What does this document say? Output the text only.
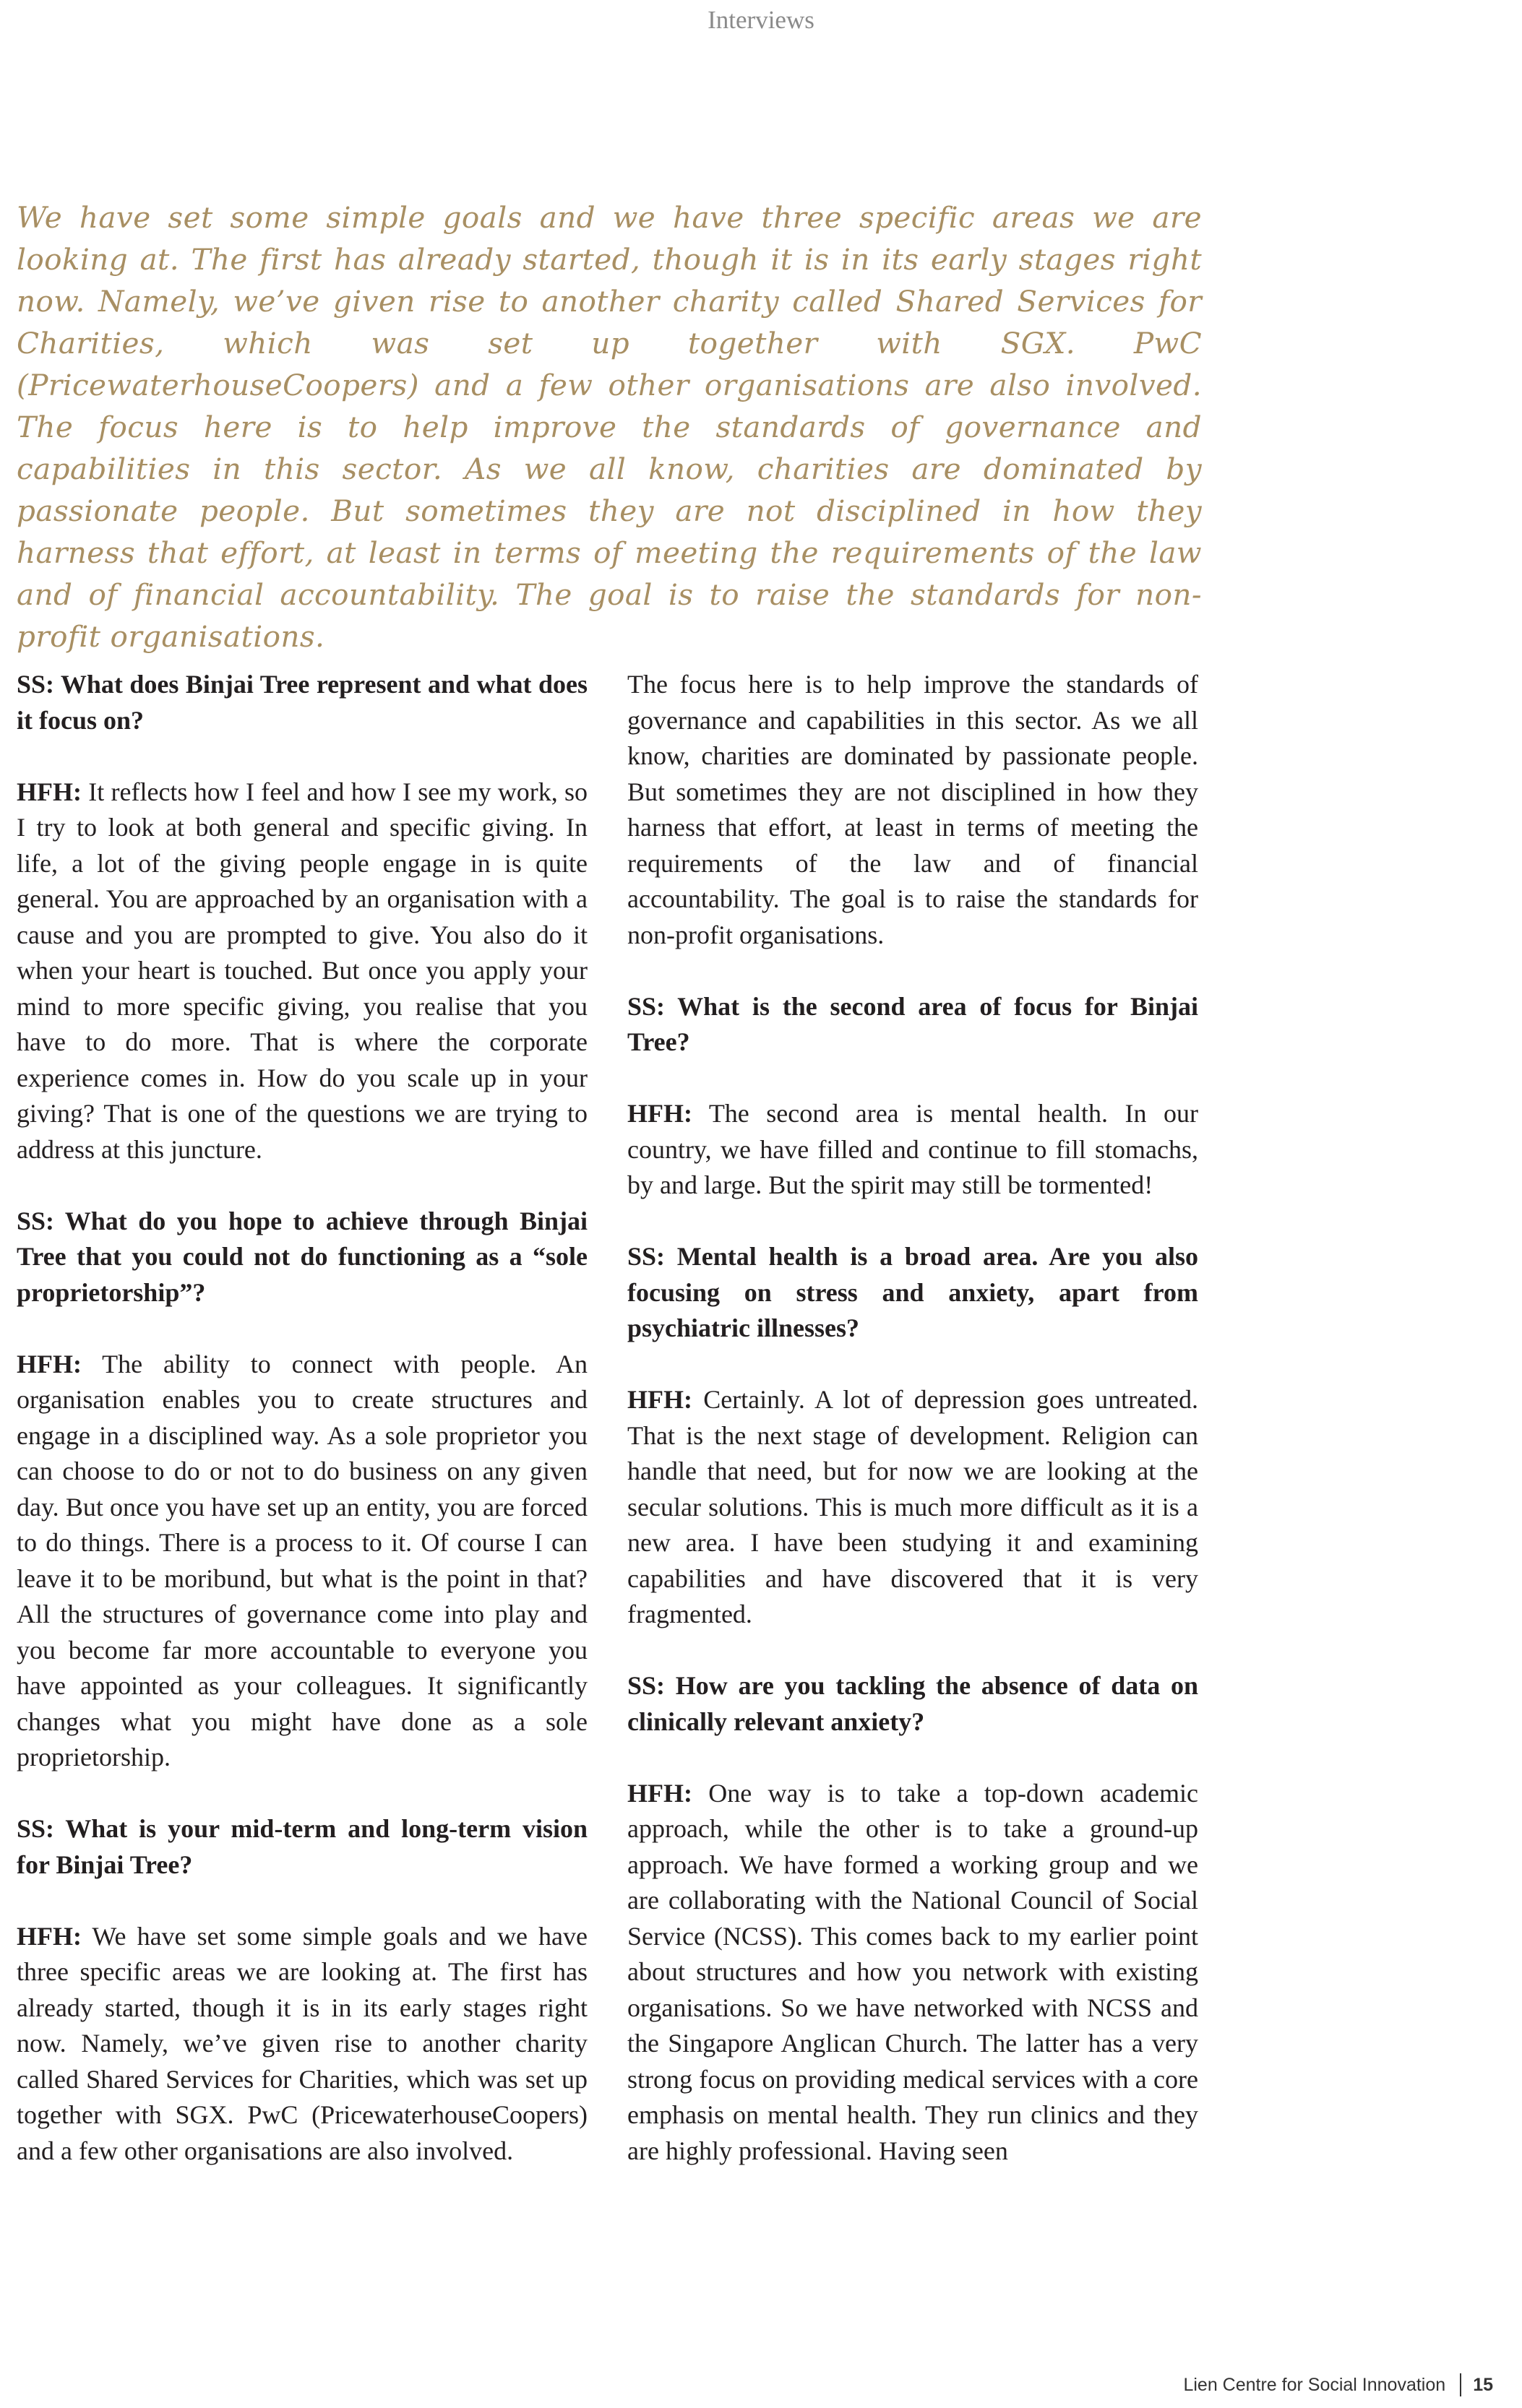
Interviews
We have set some simple goals and we have three specific areas we are looking at. The first has already started, though it is in its early stages right now. Namely, we’ve given rise to another charity called Shared Services for Charities, which was set up together with SGX. PwC (PricewaterhouseCoopers) and a few other organisations are also involved. The focus here is to help improve the standards of governance and capabilities in this sector. As we all know, charities are dominated by passionate people. But sometimes they are not disciplined in how they harness that effort, at least in terms of meeting the requirements of the law and of financial accountability. The goal is to raise the standards for non-profit organisations.

SS: What does Binjai Tree represent and what does it focus on?

HFH: It reflects how I feel and how I see my work, so I try to look at both general and specific giving. In life, a lot of the giving people engage in is quite general. You are approached by an organisation with a cause and you are prompted to give. You also do it when your heart is touched. But once you apply your mind to more specific giving, you realise that you have to do more. That is where the corporate experience comes in. How do you scale up in your giving? That is one of the questions we are trying to address at this juncture.

SS: What do you hope to achieve through Binjai Tree that you could not do functioning as a “sole proprietorship”?

HFH: The ability to connect with people. An organisation enables you to create structures and engage in a disciplined way. As a sole proprietor you can choose to do or not to do business on any given day. But once you have set up an entity, you are forced to do things. There is a process to it. Of course I can leave it to be moribund, but what is the point in that? All the structures of governance come into play and you become far more accountable to everyone you have appointed as your colleagues. It significantly changes what you might have done as a sole proprietorship.

SS: What is your mid-term and long-term vision for Binjai Tree?

HFH: We have set some simple goals and we have three specific areas we are looking at. The first has already started, though it is in its early stages right now. Namely, we’ve given rise to another charity called Shared Services for Charities, which was set up together with SGX. PwC (PricewaterhouseCoopers) and a few other organisations are also involved.

The focus here is to help improve the standards of governance and capabilities in this sector. As we all know, charities are dominated by passionate people. But sometimes they are not disciplined in how they harness that effort, at least in terms of meeting the requirements of the law and of financial accountability. The goal is to raise the standards for non-profit organisations.

SS: What is the second area of focus for Binjai Tree?

HFH: The second area is mental health. In our country, we have filled and continue to fill stomachs, by and large. But the spirit may still be tormented!

SS: Mental health is a broad area. Are you also focusing on stress and anxiety, apart from psychiatric illnesses?

HFH: Certainly. A lot of depression goes untreated. That is the next stage of development. Religion can handle that need, but for now we are looking at the secular solutions. This is much more difficult as it is a new area. I have been studying it and examining capabilities and have discovered that it is very fragmented.

SS: How are you tackling the absence of data on clinically relevant anxiety?

HFH: One way is to take a top-down academic approach, while the other is to take a ground-up approach. We have formed a working group and we are collaborating with the National Council of Social Service (NCSS). This comes back to my earlier point about structures and how you network with existing organisations. So we have networked with NCSS and the Singapore Anglican Church. The latter has a very strong focus on providing medical services with a core emphasis on mental health. They run clinics and they are highly professional. Having seen

Lien Centre for Social Innovation 15
